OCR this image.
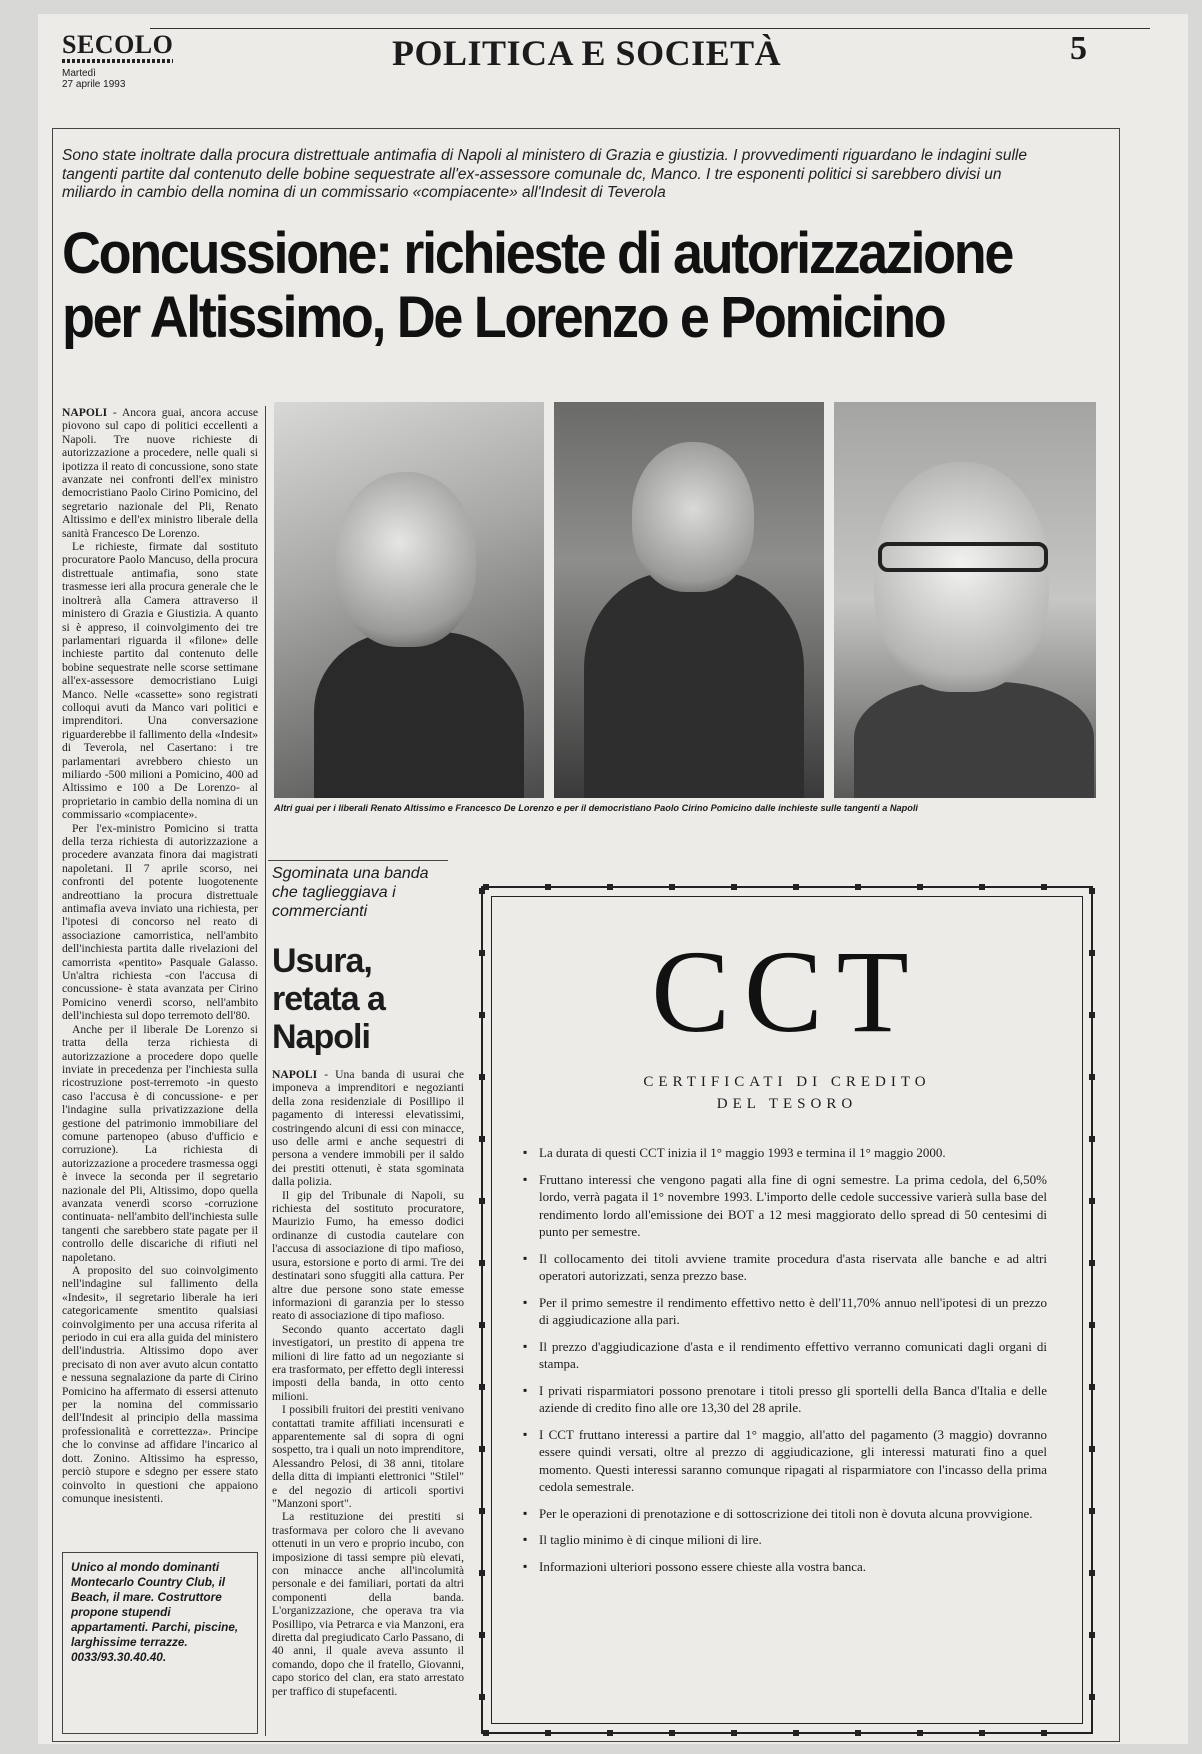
SECOLO
Martedì
27 aprile 1993
POLITICA E SOCIETÀ	5
Sono state inoltrate dalla procura distrettuale antimafia di Napoli al ministero di Grazia e giustizia. I provvedimenti riguardano le indagini sulle tangenti partite dal contenuto delle bobine sequestrate all'ex-assessore comunale dc, Manco. I tre esponenti politici si sarebbero divisi un miliardo in cambio della nomina di un commissario «compiacente» all'Indesit di Teverola
Concussione: richieste di autorizzazione per Altissimo, De Lorenzo e Pomicino

NAPOLI - Ancora guai, ancora accuse piovono sul capo di politici eccellenti a Napoli. Tre nuove richieste di autorizzazione a procedere, nelle quali si ipotizza il reato di concussione, sono state avanzate nei confronti dell'ex ministro democristiano Paolo Cirino Pomicino, del segretario nazionale del Pli, Renato Altissimo e dell'ex ministro liberale della sanità Francesco De Lorenzo.

Le richieste, firmate dal sostituto procuratore Paolo Mancuso, della procura distrettuale antimafia, sono state trasmesse ieri alla procura generale che le inoltrerà alla Camera attraverso il ministero di Grazia e Giustizia. A quanto si è appreso, il coinvolgimento dei tre parlamentari riguarda il «filone» delle inchieste partito dal contenuto delle bobine sequestrate nelle scorse settimane all'ex-assessore democristiano Luigi Manco. Nelle «cassette» sono registrati colloqui avuti da Manco vari politici e imprenditori. Una conversazione riguarderebbe il fallimento della «Indesit» di Teverola, nel Casertano: i tre parlamentari avrebbero chiesto un miliardo -500 milioni a Pomicino, 400 ad Altissimo e 100 a De Lorenzo- al proprietario in cambio della nomina di un commissario «compiacente».

Per l'ex-ministro Pomicino si tratta della terza richiesta di autorizzazione a procedere avanzata finora dai magistrati napoletani. Il 7 aprile scorso, nei confronti del potente luogotenente andreottiano la procura distrettuale antimafia aveva inviato una richiesta, per l'ipotesi di concorso nel reato di associazione camorristica, nell'ambito dell'inchiesta partita dalle rivelazioni del camorrista «pentito» Pasquale Galasso. Un'altra richiesta -con l'accusa di concussione- è stata avanzata per Cirino Pomicino venerdì scorso, nell'ambito dell'inchiesta sul dopo terremoto dell'80.

Anche per il liberale De Lorenzo si tratta della terza richiesta di autorizzazione a procedere dopo quelle inviate in precedenza per l'inchiesta sulla ricostruzione post-terremoto -in questo caso l'accusa è di concussione- e per l'indagine sulla privatizzazione della gestione del patrimonio immobiliare del comune partenopeo (abuso d'ufficio e corruzione). La richiesta di autorizzazione a procedere trasmessa oggi è invece la seconda per il segretario nazionale del Pli, Altissimo, dopo quella avanzata venerdì scorso -corruzione continuata- nell'ambito dell'inchiesta sulle tangenti che sarebbero state pagate per il controllo delle discariche di rifiuti nel napoletano.

A proposito del suo coinvolgimento nell'indagine sul fallimento della «Indesit», il segretario liberale ha ieri categoricamente smentito qualsiasi coinvolgimento per una accusa riferita al periodo in cui era alla guida del ministero dell'industria. Altissimo dopo aver precisato di non aver avuto alcun contatto e nessuna segnalazione da parte di Cirino Pomicino ha affermato di essersi attenuto per la nomina del commissario dell'Indesit al principio della massima professionalità e correttezza». Principe che lo convinse ad affidare l'incarico al dott. Zonino. Altissimo ha espresso, perciò stupore e sdegno per essere stato coinvolto in questioni che appaiono comunque inesistenti.

Unico al mondo dominanti Montecarlo Country Club, il Beach, il mare. Costruttore propone stupendi appartamenti. Parchi, piscine, larghissime terrazze. 0033/93.30.40.40.
Altri guai per i liberali Renato Altissimo e Francesco De Lorenzo e per il democristiano Paolo Cirino Pomicino dalle inchieste sulle tangenti a Napoli
Sgominata una banda che taglieggiava i commercianti
Usura, retata a Napoli

NAPOLI - Una banda di usurai che imponeva a imprenditori e negozianti della zona residenziale di Posillipo il pagamento di interessi elevatissimi, costringendo alcuni di essi con minacce, uso delle armi e anche sequestri di persona a vendere immobili per il saldo dei prestiti ottenuti, è stata sgominata dalla polizia.

Il gip del Tribunale di Napoli, su richiesta del sostituto procuratore, Maurizio Fumo, ha emesso dodici ordinanze di custodia cautelare con l'accusa di associazione di tipo mafioso, usura, estorsione e porto di armi. Tre dei destinatari sono sfuggiti alla cattura. Per altre due persone sono state emesse informazioni di garanzia per lo stesso reato di associazione di tipo mafioso.

Secondo quanto accertato dagli investigatori, un prestito di appena tre milioni di lire fatto ad un negoziante si era trasformato, per effetto degli interessi imposti della banda, in otto cento milioni.

I possibili fruitori dei prestiti venivano contattati tramite affiliati incensurati e apparentemente sal di sopra di ogni sospetto, tra i quali un noto imprenditore, Alessandro Pelosi, di 38 anni, titolare della ditta di impianti elettronici "Stilel" e del negozio di articoli sportivi "Manzoni sport".

La restituzione dei prestiti si trasformava per coloro che li avevano ottenuti in un vero e proprio incubo, con imposizione di tassi sempre più elevati, con minacce anche all'incolumità personale e dei familiari, portati da altri componenti della banda. L'organizzazione, che operava tra via Posillipo, via Petrarca e via Manzoni, era diretta dal pregiudicato Carlo Passano, di 40 anni, il quale aveva assunto il comando, dopo che il fratello, Giovanni, capo storico del clan, era stato arrestato per traffico di stupefacenti.

CCT
CERTIFICATI DI CREDITO
DEL TESORO
▪ La durata di questi CCT inizia il 1° maggio 1993 e termina il 1° maggio 2000.
▪ Fruttano interessi che vengono pagati alla fine di ogni semestre. La prima cedola, del 6,50% lordo, verrà pagata il 1° novembre 1993. L'importo delle cedole successive varierà sulla base del rendimento lordo all'emissione dei BOT a 12 mesi maggiorato dello spread di 50 centesimi di punto per semestre.
▪ Il collocamento dei titoli avviene tramite procedura d'asta riservata alle banche e ad altri operatori autorizzati, senza prezzo base.
▪ Per il primo semestre il rendimento effettivo netto è dell'11,70% annuo nell'ipotesi di un prezzo di aggiudicazione alla pari.
▪ Il prezzo d'aggiudicazione d'asta e il rendimento effettivo verranno comunicati dagli organi di stampa.
▪ I privati risparmiatori possono prenotare i titoli presso gli sportelli della Banca d'Italia e delle aziende di credito fino alle ore 13,30 del 28 aprile.
▪ I CCT fruttano interessi a partire dal 1° maggio, all'atto del pagamento (3 maggio) dovranno essere quindi versati, oltre al prezzo di aggiudicazione, gli interessi maturati fino a quel momento. Questi interessi saranno comunque ripagati al risparmiatore con l'incasso della prima cedola semestrale.
▪ Per le operazioni di prenotazione e di sottoscrizione dei titoli non è dovuta alcuna provvigione.
▪ Il taglio minimo è di cinque milioni di lire.
▪ Informazioni ulteriori possono essere chieste alla vostra banca.
